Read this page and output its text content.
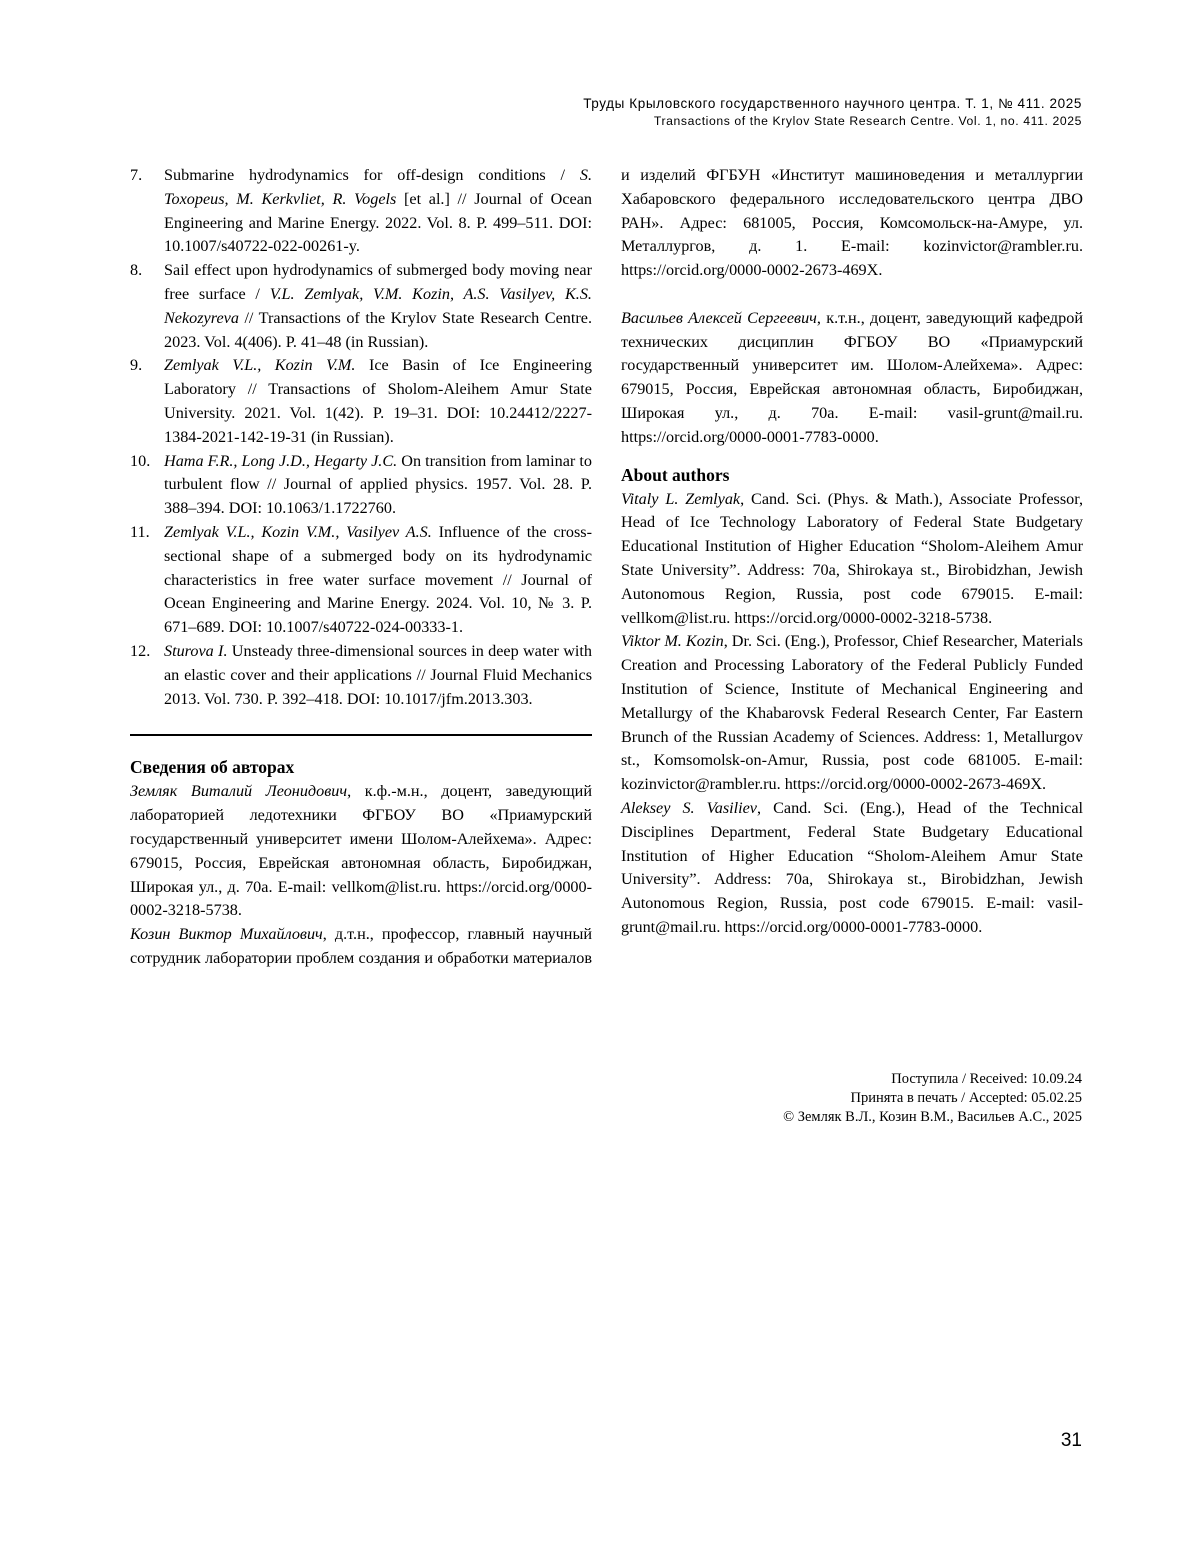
Труды Крыловского государственного научного центра. Т. 1, № 411. 2025
Transactions of the Krylov State Research Centre. Vol. 1, no. 411. 2025
7.	Submarine hydrodynamics for off-design conditions / S. Toxopeus, M. Kerkvliet, R. Vogels [et al.] // Journal of Ocean Engineering and Marine Energy. 2022. Vol. 8. P. 499–511. DOI: 10.1007/s40722-022-00261-y.
8.	Sail effect upon hydrodynamics of submerged body moving near free surface / V.L. Zemlyak, V.M. Kozin, A.S. Vasilyev, K.S. Nekozyreva // Transactions of the Krylov State Research Centre. 2023. Vol. 4(406). P. 41–48 (in Russian).
9.	Zemlyak V.L., Kozin V.M. Ice Basin of Ice Engineering Laboratory // Transactions of Sholom-Aleihem Amur State University. 2021. Vol. 1(42). P. 19–31. DOI: 10.24412/2227-1384-2021-142-19-31 (in Russian).
10. Hama F.R., Long J.D., Hegarty J.C. On transition from laminar to turbulent flow // Journal of applied physics. 1957. Vol. 28. P. 388–394. DOI: 10.1063/1.1722760.
11. Zemlyak V.L., Kozin V.M., Vasilyev A.S. Influence of the cross-sectional shape of a submerged body on its hydrodynamic characteristics in free water surface movement // Journal of Ocean Engineering and Marine Energy. 2024. Vol. 10, № 3. P. 671–689. DOI: 10.1007/s40722-024-00333-1.
12. Sturova I. Unsteady three-dimensional sources in deep water with an elastic cover and their applications // Journal Fluid Mechanics 2013. Vol. 730. P. 392–418. DOI: 10.1017/jfm.2013.303.
Сведения об авторах

Земляк Виталий Леонидович, к.ф.-м.н., доцент, заведующий лабораторией ледотехники ФГБОУ ВО «Приамурский государственный университет имени Шолом-Алейхема». Адрес: 679015, Россия, Еврейская автономная область, Биробиджан, Широкая ул., д. 70а. E-mail: vellkom@list.ru. https://orcid.org/0000-0002-3218-5738.

Козин Виктор Михайлович, д.т.н., профессор, главный научный сотрудник лаборатории проблем создания и обработки материалов

и изделий ФГБУН «Институт машиноведения и металлургии Хабаровского федерального исследовательского центра ДВО РАН». Адрес: 681005, Россия, Комсомольск-на-Амуре, ул. Металлургов, д. 1. E-mail: kozinvictor@rambler.ru. https://orcid.org/0000-0002-2673-469X.

Васильев Алексей Сергеевич, к.т.н., доцент, заведующий кафедрой технических дисциплин ФГБОУ ВО «Приамурский государственный университет им. Шолом-Алейхема». Адрес: 679015, Россия, Еврейская автономная область, Биробиджан, Широкая ул., д. 70а. E-mail: vasil-grunt@mail.ru. https://orcid.org/0000-0001-7783-0000.

About authors

Vitaly L. Zemlyak, Cand. Sci. (Phys. & Math.), Associate Professor, Head of Ice Technology Laboratory of Federal State Budgetary Educational Institution of Higher Education “Sholom-Aleihem Amur State University”. Address: 70a, Shirokaya st., Birobidzhan, Jewish Autonomous Region, Russia, post code 679015. E-mail: vellkom@list.ru. https://orcid.org/0000-0002-3218-5738.

Viktor M. Kozin, Dr. Sci. (Eng.), Professor, Chief Researcher, Materials Creation and Processing Laboratory of the Federal Publicly Funded Institution of Science, Institute of Mechanical Engineering and Metallurgy of the Khabarovsk Federal Research Center, Far Eastern Brunch of the Russian Academy of Sciences. Address: 1, Metallurgov st., Komsomolsk-on-Amur, Russia, post code 681005. E-mail: kozinvictor@rambler.ru. https://orcid.org/0000-0002-2673-469X.

Aleksey S. Vasiliev, Cand. Sci. (Eng.), Head of the Technical Disciplines Department, Federal State Budgetary Educational Institution of Higher Education “Sholom-Aleihem Amur State University”. Address: 70a, Shirokaya st., Birobidzhan, Jewish Autonomous Region, Russia, post code 679015. E-mail: vasil-grunt@mail.ru. https://orcid.org/0000-0001-7783-0000.

Поступила / Received: 10.09.24
Принята в печать / Accepted: 05.02.25
© Земляк В.Л., Козин В.М., Васильев А.С., 2025
31
